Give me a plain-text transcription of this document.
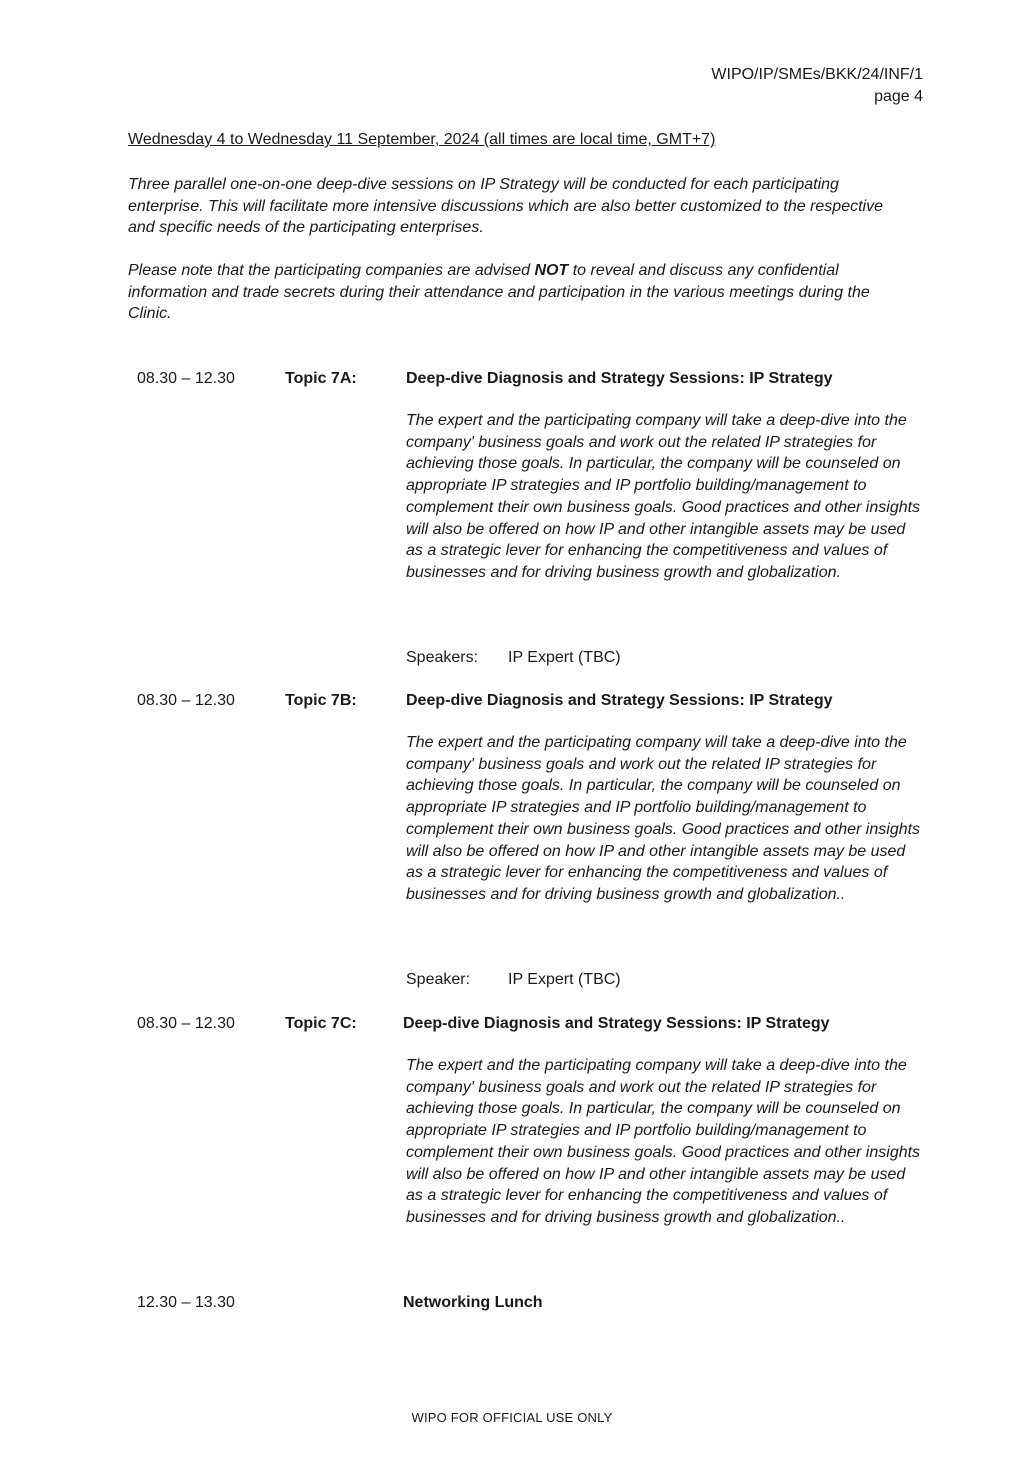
WIPO/IP/SMEs/BKK/24/INF/1
page 4
Wednesday 4 to Wednesday 11 September, 2024 (all times are local time, GMT+7)
Three parallel one-on-one deep-dive sessions on IP Strategy will be conducted for each participating enterprise. This will facilitate more intensive discussions which are also better customized to the respective and specific needs of the participating enterprises.
Please note that the participating companies are advised NOT to reveal and discuss any confidential information and trade secrets during their attendance and participation in the various meetings during the Clinic.
08.30 – 12.30	Topic 7A:	Deep-dive Diagnosis and Strategy Sessions: IP Strategy
The expert and the participating company will take a deep-dive into the company' business goals and work out the related IP strategies for achieving those goals. In particular, the company will be counseled on appropriate IP strategies and IP portfolio building/management to complement their own business goals. Good practices and other insights will also be offered on how IP and other intangible assets may be used as a strategic lever for enhancing the competitiveness and values of businesses and for driving business growth and globalization.
Speakers: IP Expert (TBC)
08.30 – 12.30	Topic 7B:	Deep-dive Diagnosis and Strategy Sessions: IP Strategy
The expert and the participating company will take a deep-dive into the company' business goals and work out the related IP strategies for achieving those goals. In particular, the company will be counseled on appropriate IP strategies and IP portfolio building/management to complement their own business goals. Good practices and other insights will also be offered on how IP and other intangible assets may be used as a strategic lever for enhancing the competitiveness and values of businesses and for driving business growth and globalization..
Speaker: IP Expert (TBC)
08.30 – 12.30	Topic 7C:	Deep-dive Diagnosis and Strategy Sessions: IP Strategy
The expert and the participating company will take a deep-dive into the company' business goals and work out the related IP strategies for achieving those goals. In particular, the company will be counseled on appropriate IP strategies and IP portfolio building/management to complement their own business goals. Good practices and other insights will also be offered on how IP and other intangible assets may be used as a strategic lever for enhancing the competitiveness and values of businesses and for driving business growth and globalization..
12.30 – 13.30	Networking Lunch
WIPO FOR OFFICIAL USE ONLY
